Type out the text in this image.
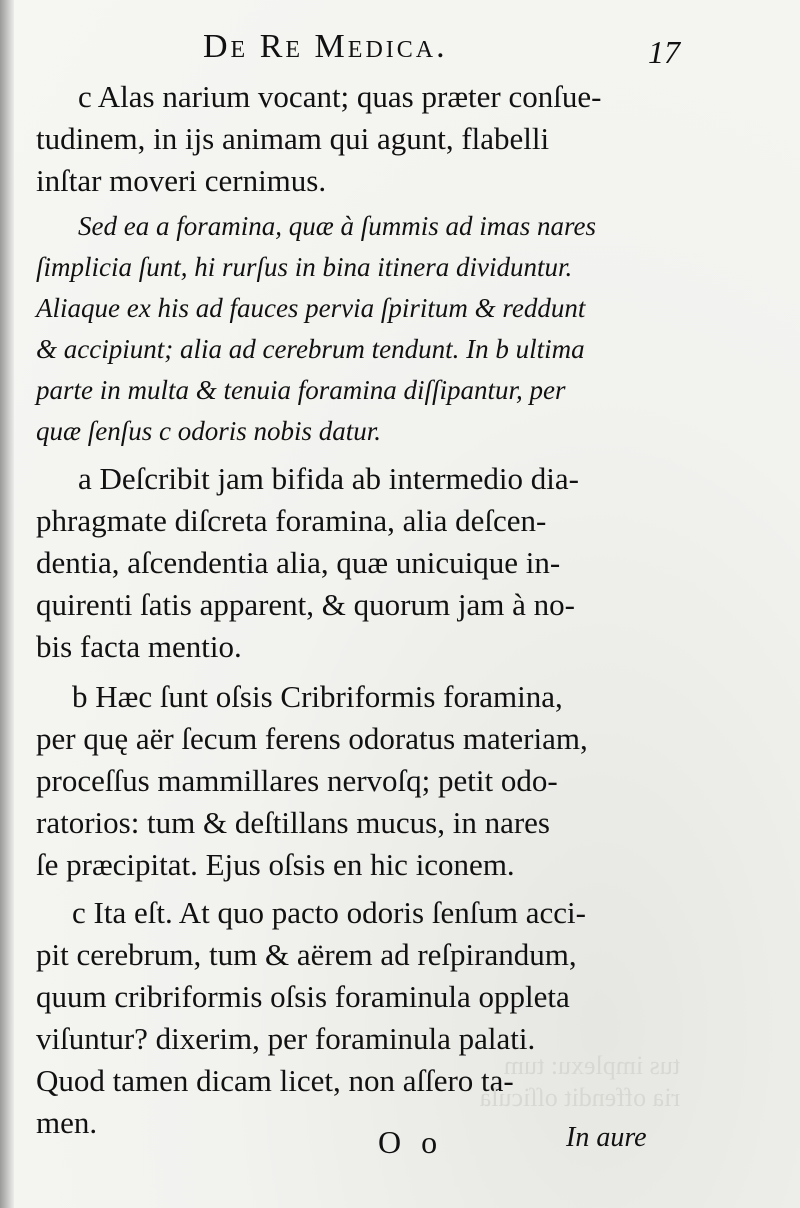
De Re Medica.	17
c Alas narium vocant; quas præter conſue-
tudinem, in ijs animam qui agunt, flabelli
inſtar moveri cernimus.
Sed ea a foramina, quæ à ſummis ad imas nares
ſimplicia ſunt, hi rurſus in bina itinera dividuntur.
Aliaque ex his ad fauces pervia ſpiritum & reddunt
& accipiunt; alia ad cerebrum tendunt. In b ultima
parte in multa & tenuia foramina diſſipantur, per
quæ ſenſus c odoris nobis datur.
a Deſcribit jam bifida ab intermedio dia-
phragmate diſcreta foramina, alia deſcen-
dentia, aſcendentia alia, quæ unicuique in-
quirenti ſatis apparent, & quorum jam à no-
bis facta mentio.
b Hæc ſunt oſsis Cribriformis foramina,
per quę aër ſecum ferens odoratus materiam,
proceſſus mammillares nervoſq; petit odo-
ratorios: tum & deſtillans mucus, in nares
ſe præcipitat. Ejus oſsis en hic iconem.
c Ita eſt. At quo pacto odoris ſenſum acci-
pit cerebrum, tum & aërem ad reſpirandum,
quum cribriformis oſsis foraminula oppleta
viſuntur? dixerim, per foraminula palati.
Quod tamen dicam licet, non aſſero ta-
men.
tus implexu: tum
ria offendit oſſicula
O o	In aure
